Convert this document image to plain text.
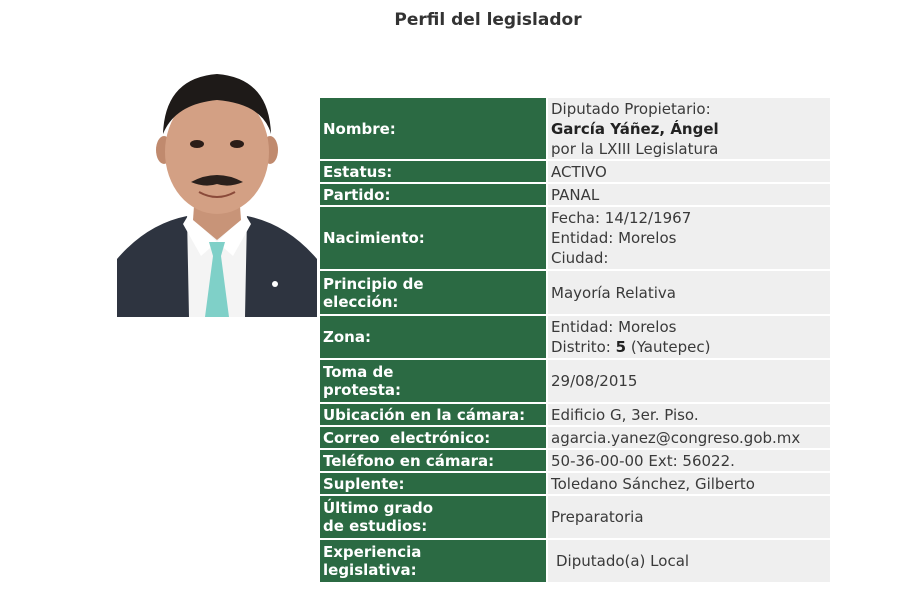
Perfil del legislador
Nombre:	Diputado Propietario:
García Yáñez, Ángel
por la LXIII Legislatura

Estatus:	ACTIVO
Partido:	PANAL
Nacimiento:	Fecha: 14/12/1967
Entidad: Morelos
Ciudad:

Principio de
elección:	Mayoría Relativa
Zona:	Entidad: Morelos
Distrito: 5 (Yautepec)

Toma de
protesta:	29/08/2015
Ubicación en la cámara:	Edificio G, 3er. Piso.
Correo  electrónico:	agarcia.yanez@congreso.gob.mx
Teléfono en cámara:	50-36-00-00 Ext: 56022.
Suplente:	Toledano Sánchez, Gilberto

Último grado
de estudios:	Preparatoria

Experiencia
legislativa:	Diputado(a) Local
